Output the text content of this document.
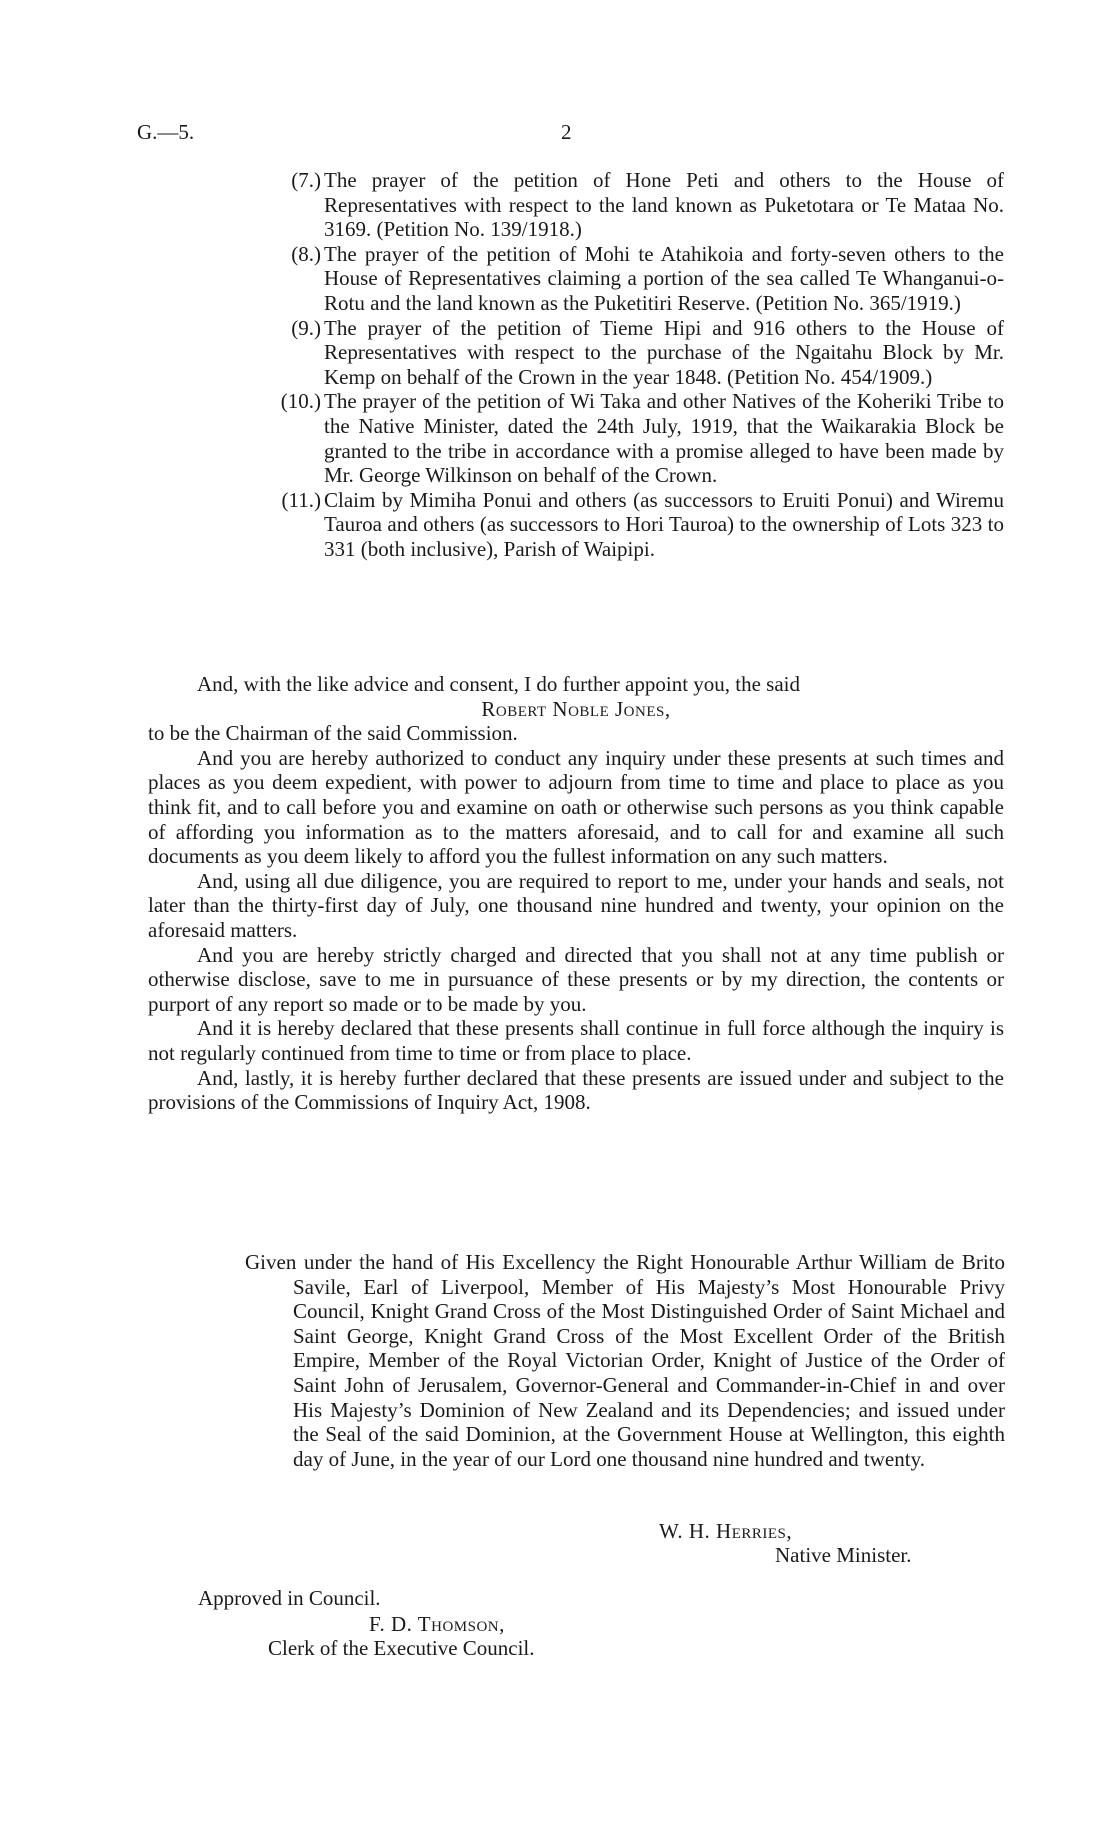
G.—5.	2
(7.) The prayer of the petition of Hone Peti and others to the House of Representatives with respect to the land known as Puketotara or Te Mataa No. 3169. (Petition No. 139/1918.)
(8.) The prayer of the petition of Mohi te Atahikoia and forty-seven others to the House of Representatives claiming a portion of the sea called Te Whanganui-o-Rotu and the land known as the Puketitiri Reserve. (Petition No. 365/1919.)
(9.) The prayer of the petition of Tieme Hipi and 916 others to the House of Representatives with respect to the purchase of the Ngaitahu Block by Mr. Kemp on behalf of the Crown in the year 1848. (Petition No. 454/1909.)
(10.) The prayer of the petition of Wi Taka and other Natives of the Koheriki Tribe to the Native Minister, dated the 24th July, 1919, that the Waikarakia Block be granted to the tribe in accordance with a promise alleged to have been made by Mr. George Wilkinson on behalf of the Crown.
(11.) Claim by Mimiha Ponui and others (as successors to Eruiti Ponui) and Wiremu Tauroa and others (as successors to Hori Tauroa) to the ownership of Lots 323 to 331 (both inclusive), Parish of Waipipi.
And, with the like advice and consent, I do further appoint you, the said
Robert Noble Jones,
to be the Chairman of the said Commission.
And you are hereby authorized to conduct any inquiry under these presents at such times and places as you deem expedient, with power to adjourn from time to time and place to place as you think fit, and to call before you and examine on oath or otherwise such persons as you think capable of affording you information as to the matters aforesaid, and to call for and examine all such documents as you deem likely to afford you the fullest information on any such matters.
And, using all due diligence, you are required to report to me, under your hands and seals, not later than the thirty-first day of July, one thousand nine hundred and twenty, your opinion on the aforesaid matters.
And you are hereby strictly charged and directed that you shall not at any time publish or otherwise disclose, save to me in pursuance of these presents or by my direction, the contents or purport of any report so made or to be made by you.
And it is hereby declared that these presents shall continue in full force although the inquiry is not regularly continued from time to time or from place to place.
And, lastly, it is hereby further declared that these presents are issued under and subject to the provisions of the Commissions of Inquiry Act, 1908.
Given under the hand of His Excellency the Right Honourable Arthur William de Brito Savile, Earl of Liverpool, Member of His Majesty’s Most Honourable Privy Council, Knight Grand Cross of the Most Distinguished Order of Saint Michael and Saint George, Knight Grand Cross of the Most Excellent Order of the British Empire, Member of the Royal Victorian Order, Knight of Justice of the Order of Saint John of Jerusalem, Governor-General and Commander-in-Chief in and over His Majesty’s Dominion of New Zealand and its Dependencies; and issued under the Seal of the said Dominion, at the Government House at Wellington, this eighth day of June, in the year of our Lord one thousand nine hundred and twenty.
W. H. Herries,
Native Minister.
Approved in Council.
F. D. Thomson,
Clerk of the Executive Council.
